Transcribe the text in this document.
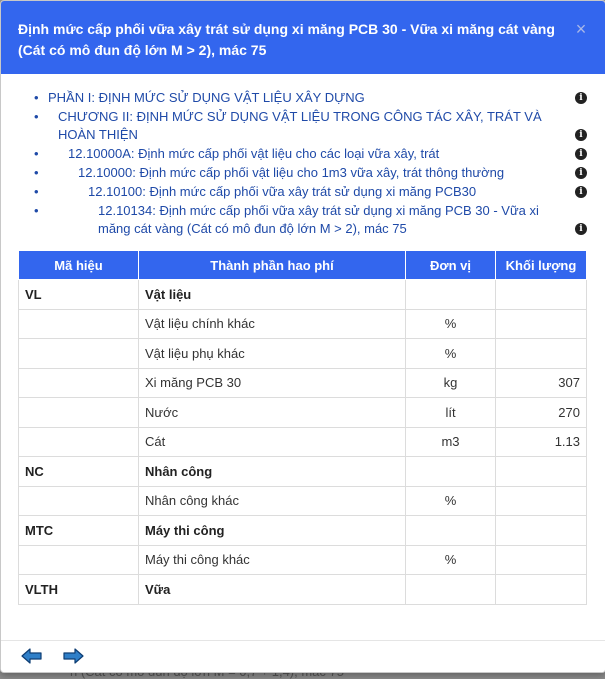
Định mức cấp phối vữa xây trát sử dụng xi măng PCB 30 - Vữa xi măng cát vàng (Cát có mô đun độ lớn M > 2), mác 75
×
• PHẦN I: ĐỊNH MỨC SỬ DỤNG VẬT LIỆU XÂY DỰNG	i
•	CHƯƠNG II: ĐỊNH MỨC SỬ DỤNG VẬT LIỆU TRONG CÔNG TÁC XÂY, TRÁT VÀ HOÀN THIỆN	i
•	12.10000A: Định mức cấp phối vật liệu cho các loại vữa xây, trát	i
•	12.10000: Định mức cấp phối vật liệu cho 1m3 vữa xây, trát thông thường	i
•	12.10100: Định mức cấp phối vữa xây trát sử dụng xi măng PCB30	i
•	12.10134: Định mức cấp phối vữa xây trát sử dụng xi măng PCB 30 - Vữa xi măng cát vàng (Cát có mô đun độ lớn M > 2), mác 75	i
Mã hiệu	Thành phần hao phí	Đơn vị	Khối lượng
VL	Vật liệu		
	Vật liệu chính khác	%	
	Vật liệu phụ khác	%	
	Xi măng PCB 30	kg	307
	Nước	lít	270
	Cát	m3	1.13
NC	Nhân công		
	Nhân công khác	%	
MTC	Máy thi công		
	Máy thi công khác	%	
VLTH	Vữa		
